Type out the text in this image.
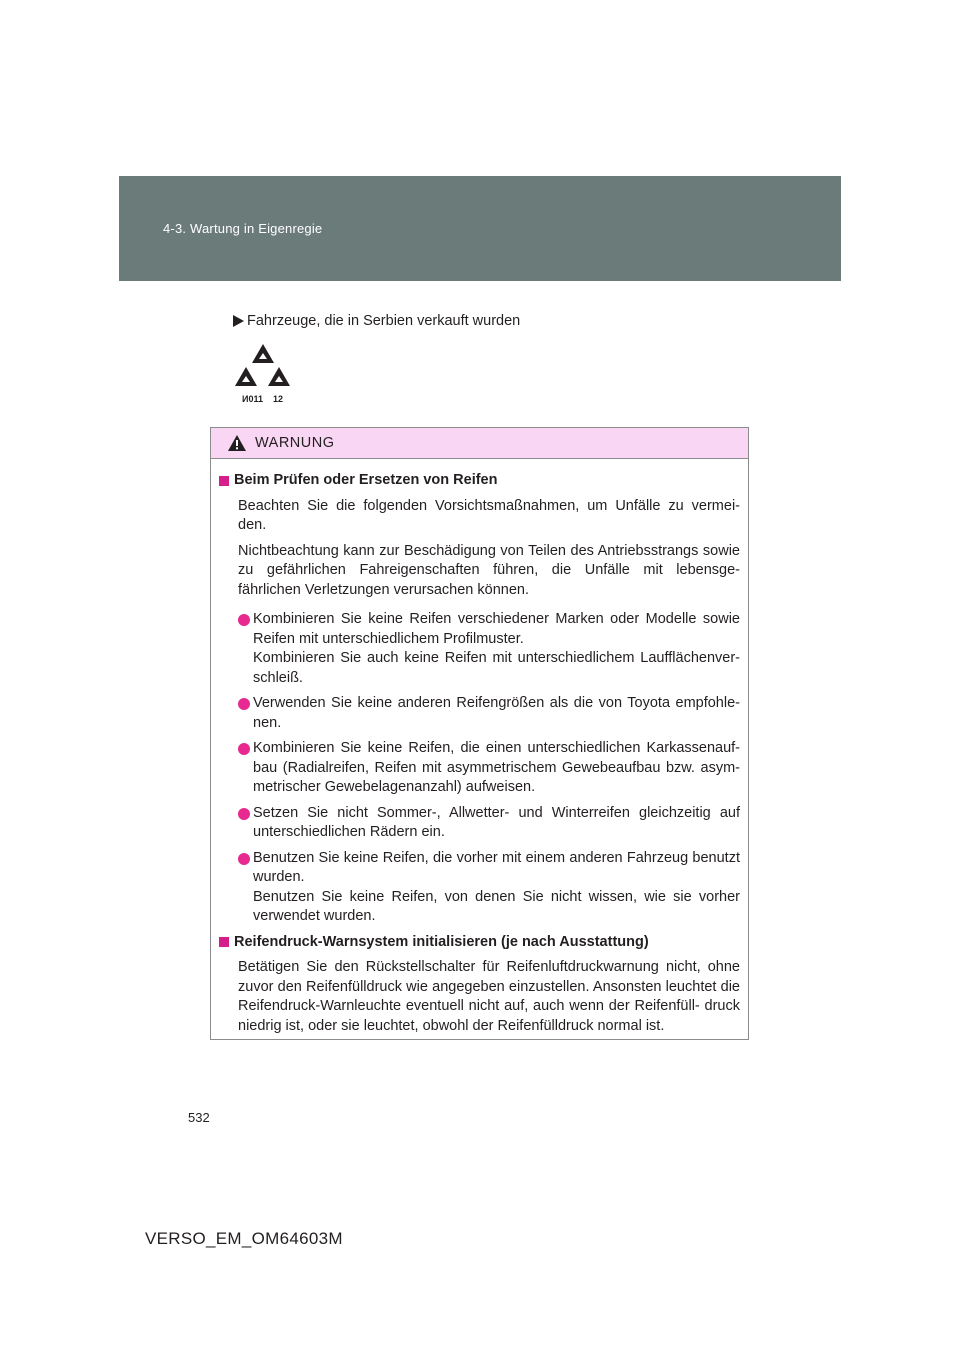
4-3. Wartung in Eigenregie
Fahrzeuge, die in Serbien verkauft wurden
И011 12
WARNUNG
Beim Prüfen oder Ersetzen von Reifen

Beachten Sie die folgenden Vorsichtsmaßnahmen, um Unfälle zu vermei- den.

Nichtbeachtung kann zur Beschädigung von Teilen des Antriebsstrangs sowie zu gefährlichen Fahreigenschaften führen, die Unfälle mit lebensge- fährlichen Verletzungen verursachen können.

Kombinieren Sie keine Reifen verschiedener Marken oder Modelle sowie Reifen mit unterschiedlichem Profilmuster.
Kombinieren Sie auch keine Reifen mit unterschiedlichem Laufflächenver- schleiß.
Verwenden Sie keine anderen Reifengrößen als die von Toyota empfohle- nen.
Kombinieren Sie keine Reifen, die einen unterschiedlichen Karkassenauf- bau (Radialreifen, Reifen mit asymmetrischem Gewebeaufbau bzw. asym- metrischer Gewebelagenanzahl) aufweisen.
Setzen Sie nicht Sommer-, Allwetter- und Winterreifen gleichzeitig auf unterschiedlichen Rädern ein.
Benutzen Sie keine Reifen, die vorher mit einem anderen Fahrzeug benutzt wurden.
Benutzen Sie keine Reifen, von denen Sie nicht wissen, wie sie vorher verwendet wurden.
Reifendruck-Warnsystem initialisieren (je nach Ausstattung)

Betätigen Sie den Rückstellschalter für Reifenluftdruckwarnung nicht, ohne zuvor den Reifenfülldruck wie angegeben einzustellen. Ansonsten leuchtet die Reifendruck-Warnleuchte eventuell nicht auf, auch wenn der Reifenfüll- druck niedrig ist, oder sie leuchtet, obwohl der Reifenfülldruck normal ist.

532
VERSO_EM_OM64603M
